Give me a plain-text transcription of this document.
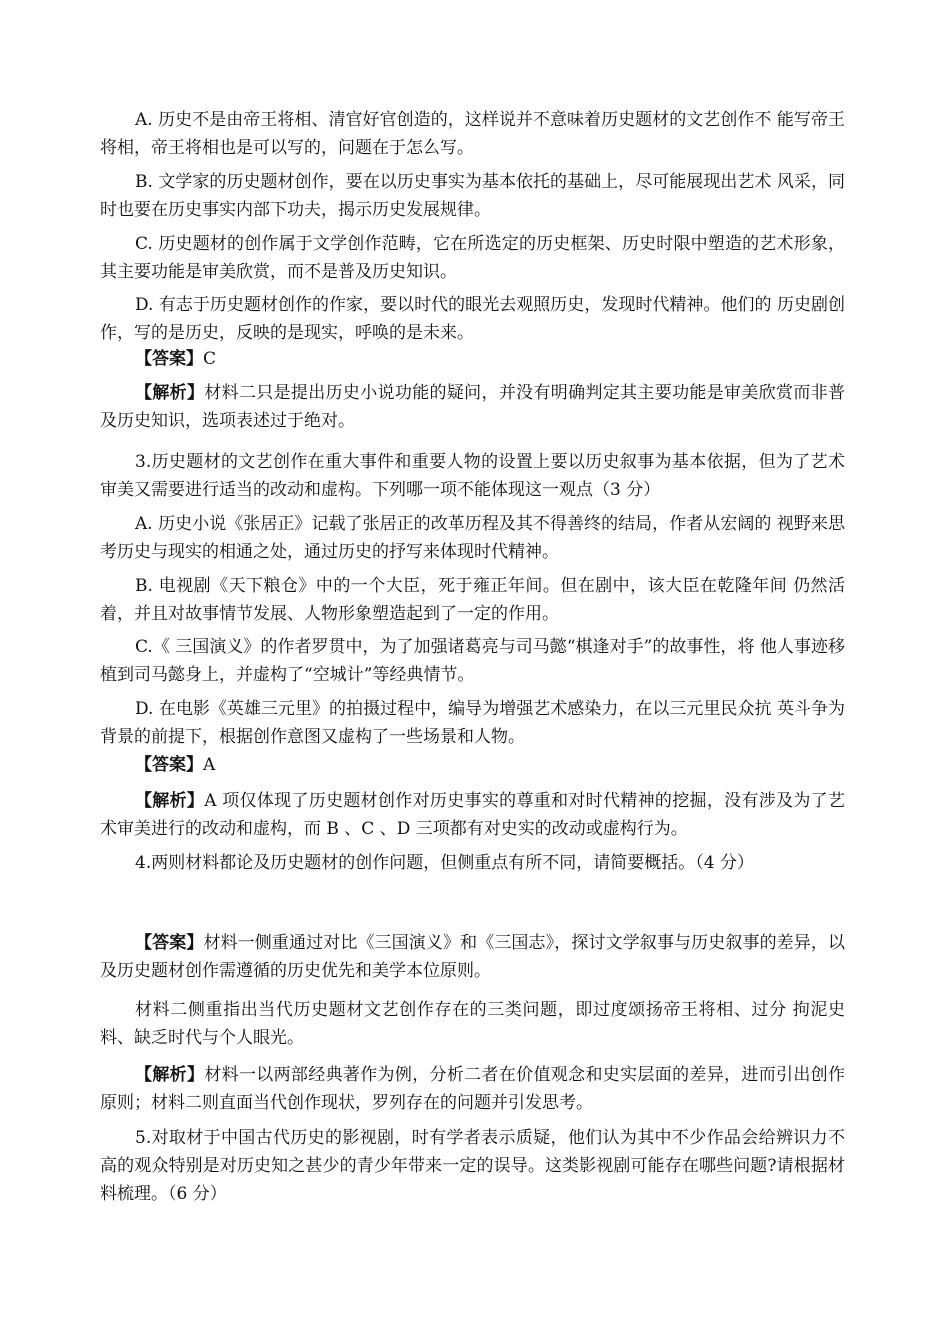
A. 历史不是由帝王将相、清官好官创造的，这样说并不意味着历史题材的文艺创作不 能写帝王将相，帝王将相也是可以写的，问题在于怎么写。

B. 文学家的历史题材创作，要在以历史事实为基本依托的基础上，尽可能展现出艺术 风采，同时也要在历史事实内部下功夫，揭示历史发展规律。

C. 历史题材的创作属于文学创作范畴，它在所选定的历史框架、历史时限中塑造的艺术形象，其主要功能是审美欣赏，而不是普及历史知识。

D. 有志于历史题材创作的作家，要以时代的眼光去观照历史，发现时代精神。他们的 历史剧创作，写的是历史，反映的是现实，呼唤的是未来。

【答案】C

【解析】材料二只是提出历史小说功能的疑问，并没有明确判定其主要功能是审美欣赏而非普及历史知识，选项表述过于绝对。

3.历史题材的文艺创作在重大事件和重要人物的设置上要以历史叙事为基本依据，但为了艺术审美又需要进行适当的改动和虚构。下列哪一项不能体现这一观点（3 分）

A. 历史小说《张居正》记载了张居正的改革历程及其不得善终的结局，作者从宏阔的 视野来思考历史与现实的相通之处，通过历史的抒写来体现时代精神。

B. 电视剧《天下粮仓》中的一个大臣，死于雍正年间。但在剧中，该大臣在乾隆年间 仍然活着，并且对故事情节发展、人物形象塑造起到了一定的作用。

C.《 三国演义》的作者罗贯中，为了加强诸葛亮与司马懿“棋逢对手”的故事性，将 他人事迹移植到司马懿身上，并虚构了“空城计”等经典情节。

D. 在电影《英雄三元里》的拍摄过程中，编导为增强艺术感染力，在以三元里民众抗 英斗争为背景的前提下，根据创作意图又虚构了一些场景和人物。

【答案】A

【解析】A 项仅体现了历史题材创作对历史事实的尊重和对时代精神的挖掘，没有涉及为了艺术审美进行的改动和虚构，而 B 、C 、D 三项都有对史实的改动或虚构行为。

4.两则材料都论及历史题材的创作问题，但侧重点有所不同，请简要概括。（4 分）

【答案】材料一侧重通过对比《三国演义》和《三国志》，探讨文学叙事与历史叙事的差异，以及历史题材创作需遵循的历史优先和美学本位原则。

材料二侧重指出当代历史题材文艺创作存在的三类问题，即过度颂扬帝王将相、过分 拘泥史料、缺乏时代与个人眼光。

【解析】材料一以两部经典著作为例，分析二者在价值观念和史实层面的差异，进而引出创作原则；材料二则直面当代创作现状，罗列存在的问题并引发思考。

5.对取材于中国古代历史的影视剧，时有学者表示质疑，他们认为其中不少作品会给辨识力不高的观众特别是对历史知之甚少的青少年带来一定的误导。这类影视剧可能存在哪些问题?请根据材料梳理。（6 分）
